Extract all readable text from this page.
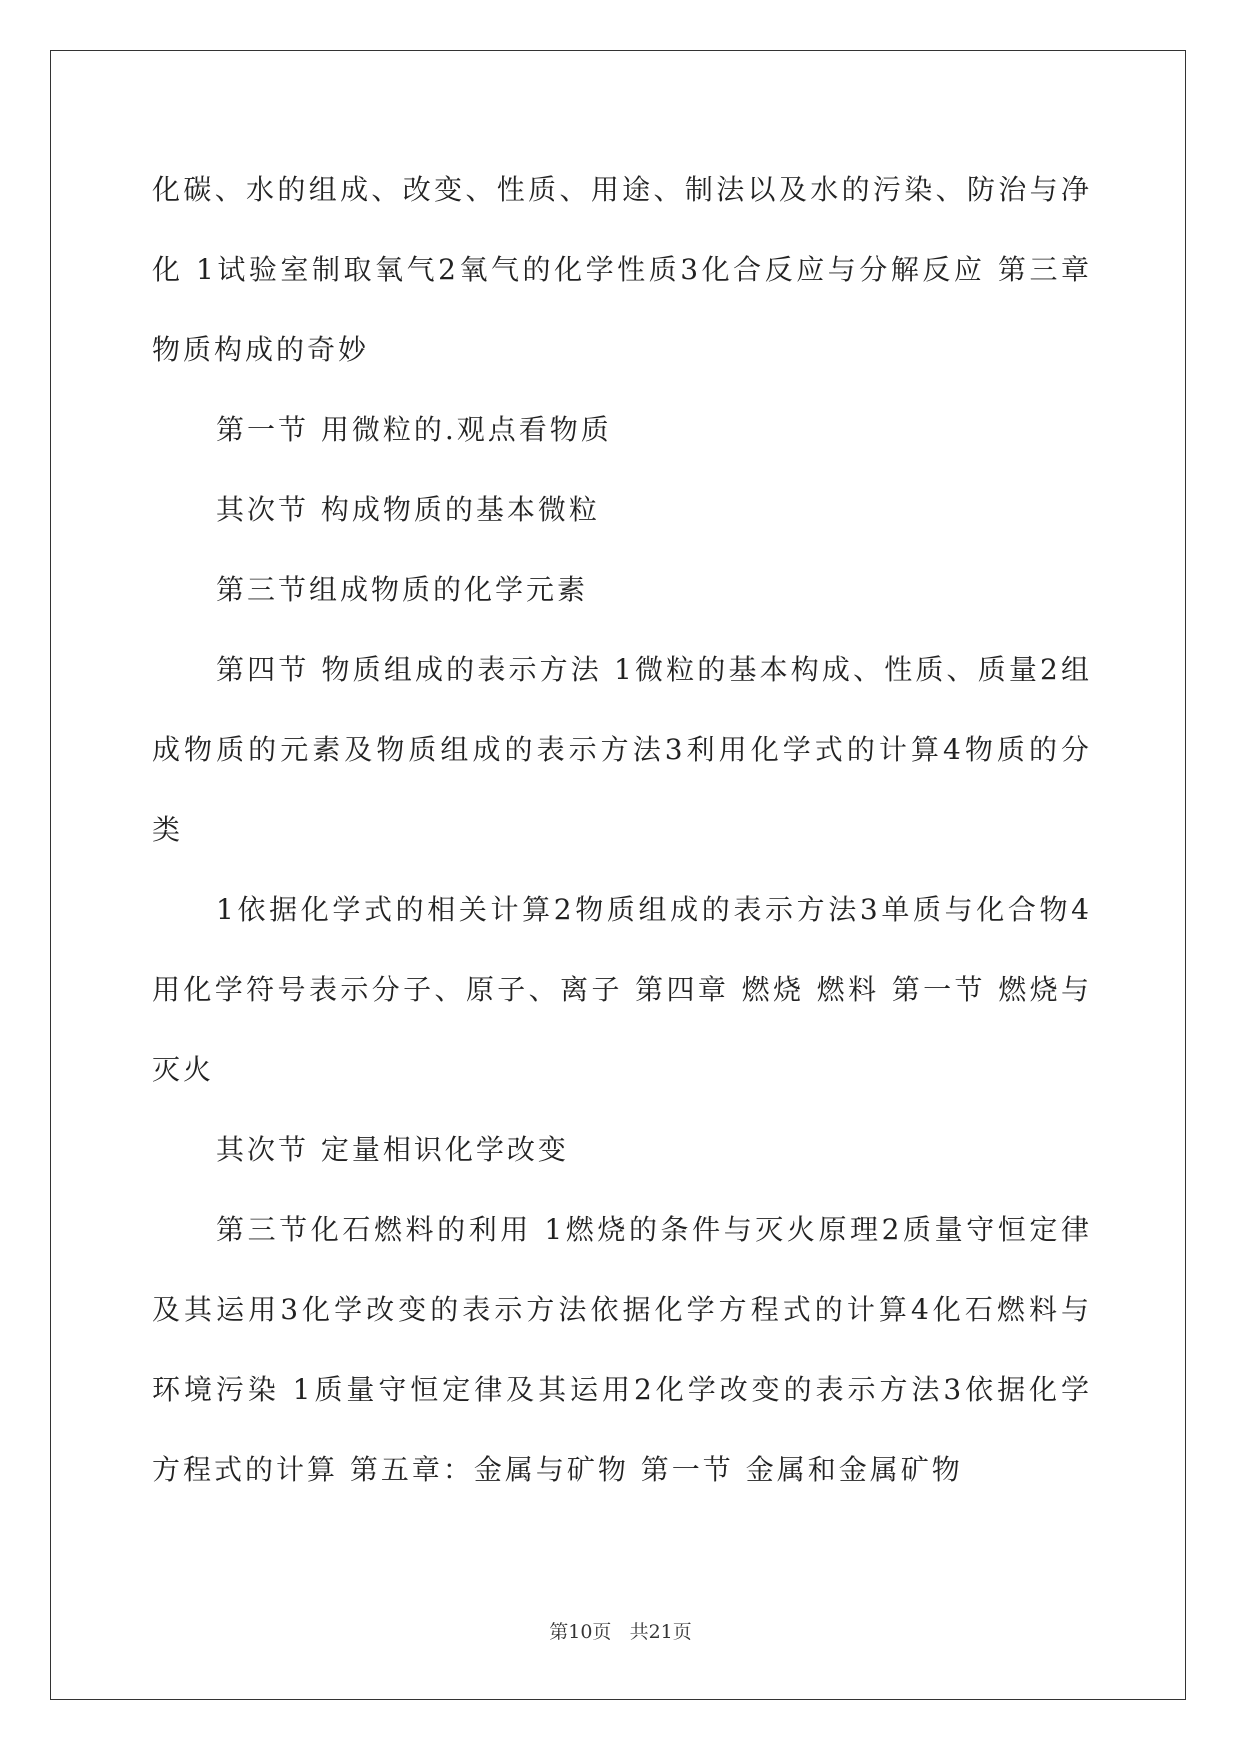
化碳、水的组成、改变、性质、用途、制法以及水的污染、防治与净化 1试验室制取氧气2氧气的化学性质3化合反应与分解反应 第三章 物质构成的奇妙

第一节 用微粒的.观点看物质

其次节 构成物质的基本微粒

第三节组成物质的化学元素

第四节 物质组成的表示方法 1微粒的基本构成、性质、质量2组成物质的元素及物质组成的表示方法3利用化学式的计算4物质的分类

1依据化学式的相关计算2物质组成的表示方法3单质与化合物4用化学符号表示分子、原子、离子 第四章 燃烧 燃料 第一节 燃烧与灭火

其次节 定量相识化学改变

第三节化石燃料的利用 1燃烧的条件与灭火原理2质量守恒定律及其运用3化学改变的表示方法依据化学方程式的计算4化石燃料与环境污染 1质量守恒定律及其运用2化学改变的表示方法3依据化学方程式的计算 第五章：金属与矿物 第一节 金属和金属矿物

第10页 共21页
